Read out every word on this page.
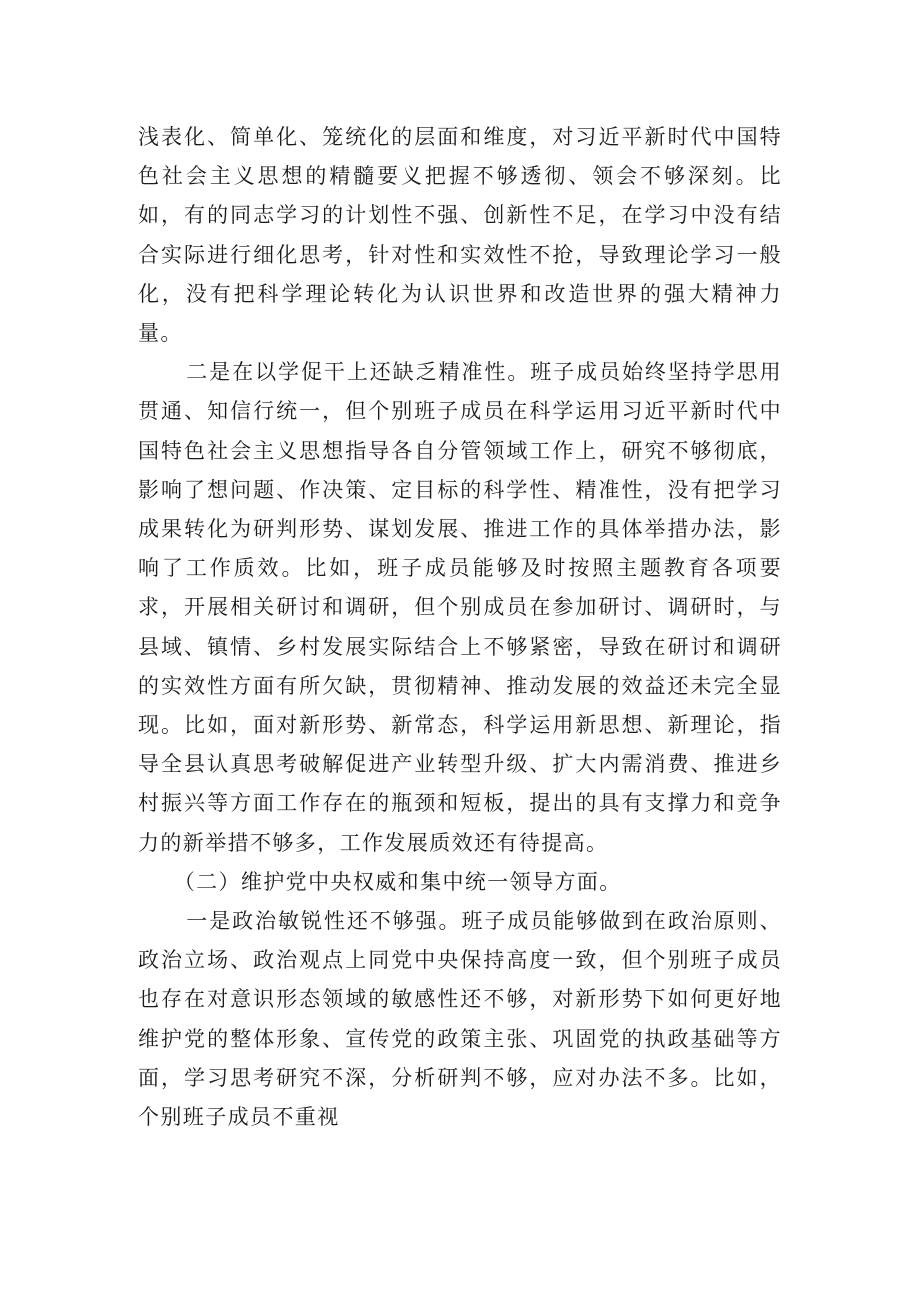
浅表化、简单化、笼统化的层面和维度，对习近平新时代中国特色社会主义思想的精髓要义把握不够透彻、领会不够深刻。比如，有的同志学习的计划性不强、创新性不足，在学习中没有结合实际进行细化思考，针对性和实效性不抢，导致理论学习一般化，没有把科学理论转化为认识世界和改造世界的强大精神力量。

二是在以学促干上还缺乏精准性。班子成员始终坚持学思用贯通、知信行统一，但个别班子成员在科学运用习近平新时代中国特色社会主义思想指导各自分管领域工作上，研究不够彻底，影响了想问题、作决策、定目标的科学性、精准性，没有把学习成果转化为研判形势、谋划发展、推进工作的具体举措办法，影响了工作质效。比如，班子成员能够及时按照主题教育各项要求，开展相关研讨和调研，但个别成员在参加研讨、调研时，与县域、镇情、乡村发展实际结合上不够紧密，导致在研讨和调研的实效性方面有所欠缺，贯彻精神、推动发展的效益还未完全显现。比如，面对新形势、新常态，科学运用新思想、新理论，指导全县认真思考破解促进产业转型升级、扩大内需消费、推进乡村振兴等方面工作存在的瓶颈和短板，提出的具有支撑力和竞争力的新举措不够多，工作发展质效还有待提高。

（二）维护党中央权威和集中统一领导方面。

一是政治敏锐性还不够强。班子成员能够做到在政治原则、政治立场、政治观点上同党中央保持高度一致，但个别班子成员也存在对意识形态领域的敏感性还不够，对新形势下如何更好地维护党的整体形象、宣传党的政策主张、巩固党的执政基础等方面，学习思考研究不深，分析研判不够，应对办法不多。比如，个别班子成员不重视
